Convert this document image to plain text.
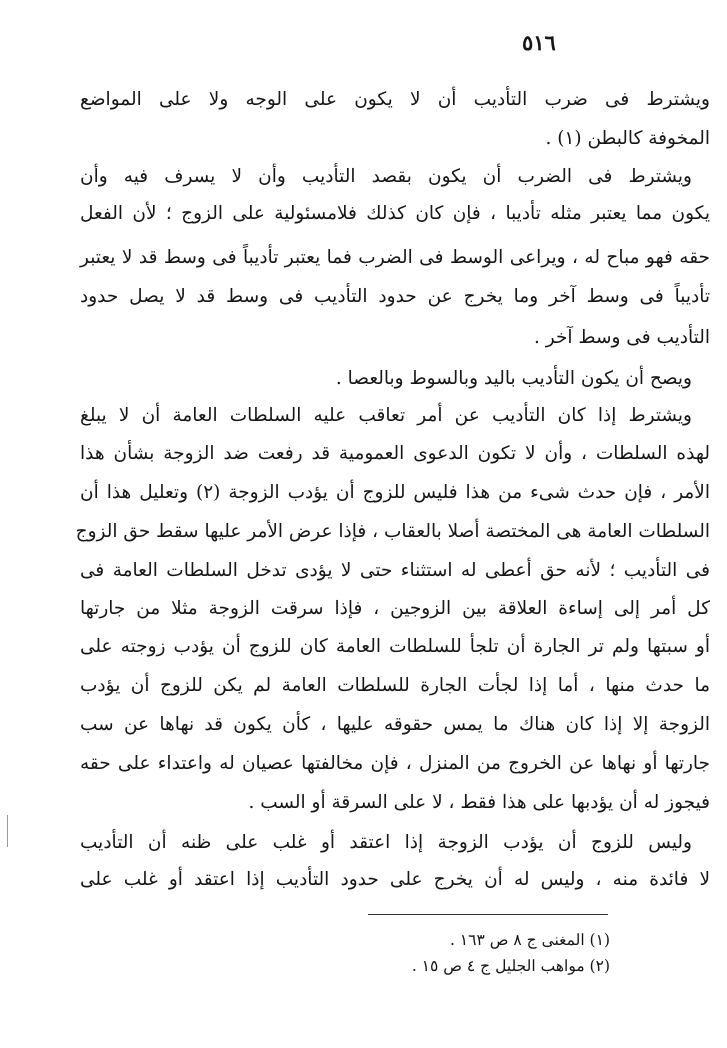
٥١٦
ويشترط فى ضرب التأديب أن لا يكون على الوجه ولا على المواضع
المخوفة كالبطن (١) .
ويشترط فى الضرب أن يكون بقصد التأديب وأن لا يسرف فيه وأن
يكون مما يعتبر مثله تأديبا ، فإن كان كذلك فلامسئولية على الزوج ؛ لأن الفعل
حقه فهو مباح له ، ويراعى الوسط فى الضرب فما يعتبر تأديباً فى وسط قد لا يعتبر
تأديباً فى وسط آخر وما يخرج عن حدود التأديب فى وسط قد لا يصل حدود
التأديب فى وسط آخر .
ويصح أن يكون التأديب باليد وبالسوط وبالعصا .
ويشترط إذا كان التأديب عن أمر تعاقب عليه السلطات العامة أن لا يبلغ
لهذه السلطات ، وأن لا تكون الدعوى العمومية قد رفعت ضد الزوجة بشأن هذا
الأمر ، فإن حدث شىء من هذا فليس للزوج أن يؤدب الزوجة (٢) وتعليل هذا أن
السلطات العامة هى المختصة أصلا بالعقاب ، فإذا عرض الأمر عليها سقط حق الزوج
فى التأديب ؛ لأنه حق أعطى له استثناء حتى لا يؤدى تدخل السلطات العامة فى
كل أمر إلى إساءة العلاقة بين الزوجين ، فإذا سرقت الزوجة مثلا من جارتها
أو سبتها ولم تر الجارة أن تلجأ للسلطات العامة كان للزوج أن يؤدب زوجته على
ما حدث منها ، أما إذا لجأت الجارة للسلطات العامة لم يكن للزوج أن يؤدب
الزوجة إلا إذا كان هناك ما يمس حقوقه عليها ، كأن يكون قد نهاها عن سب
جارتها أو نهاها عن الخروج من المنزل ، فإن مخالفتها عصيان له واعتداء على حقه
فيجوز له أن يؤدبها على هذا فقط ، لا على السرقة أو السب .
وليس للزوج أن يؤدب الزوجة إذا اعتقد أو غلب على ظنه أن التأديب
لا فائدة منه ، وليس له أن يخرج على حدود التأديب إذا اعتقد أو غلب على
(١) المغنى ج ٨ ص ١٦٣ .
(٢) مواهب الجليل ج ٤ ص ١٥ .
